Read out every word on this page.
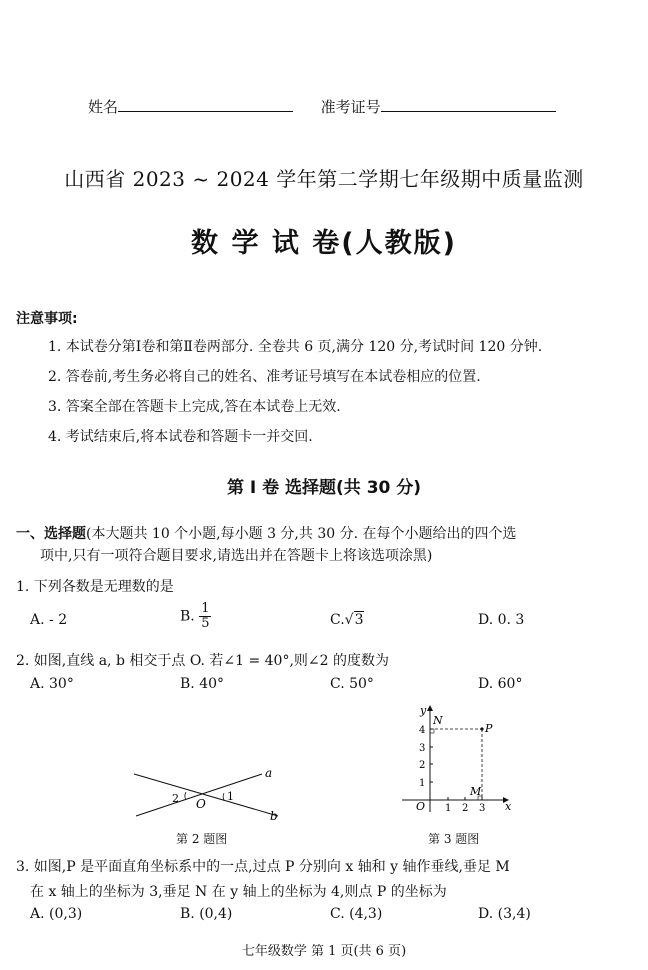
姓名	准考证号
山西省 2023 ~ 2024 学年第二学期七年级期中质量监测
数 学 试 卷(人教版)
注意事项:
1. 本试卷分第Ⅰ卷和第Ⅱ卷两部分. 全卷共 6 页,满分 120 分,考试时间 120 分钟.
2. 答卷前,考生务必将自己的姓名、准考证号填写在本试卷相应的位置.
3. 答案全部在答题卡上完成,答在本试卷上无效.
4. 考试结束后,将本试卷和答题卡一并交回.
第 Ⅰ 卷 选择题(共 30 分)
一、选择题(本大题共 10 个小题,每小题 3 分,共 30 分. 在每个小题给出的四个选
项中,只有一项符合题目要求,请选出并在答题卡上将该选项涂黑)
1. 下列各数是无理数的是
A. - 2	B. $\frac{1}{5}$	C.√3	D. 0. 3
2. 如图,直线 a, b 相交于点 O. 若∠1 = 40°,则∠2 的度数为
A. 30°	B. 40°	C. 50°	D. 60°
a
b
O
1
2
第 2 题图
y
x
O
N
P
M
4
3
2
1
1 2 3
第 3 题图
3. 如图,P 是平面直角坐标系中的一点,过点 P 分别向 x 轴和 y 轴作垂线,垂足 M
在 x 轴上的坐标为 3,垂足 N 在 y 轴上的坐标为 4,则点 P 的坐标为
A. (0,3)	B. (0,4)	C. (4,3)	D. (3,4)
七年级数学 第 1 页(共 6 页)
